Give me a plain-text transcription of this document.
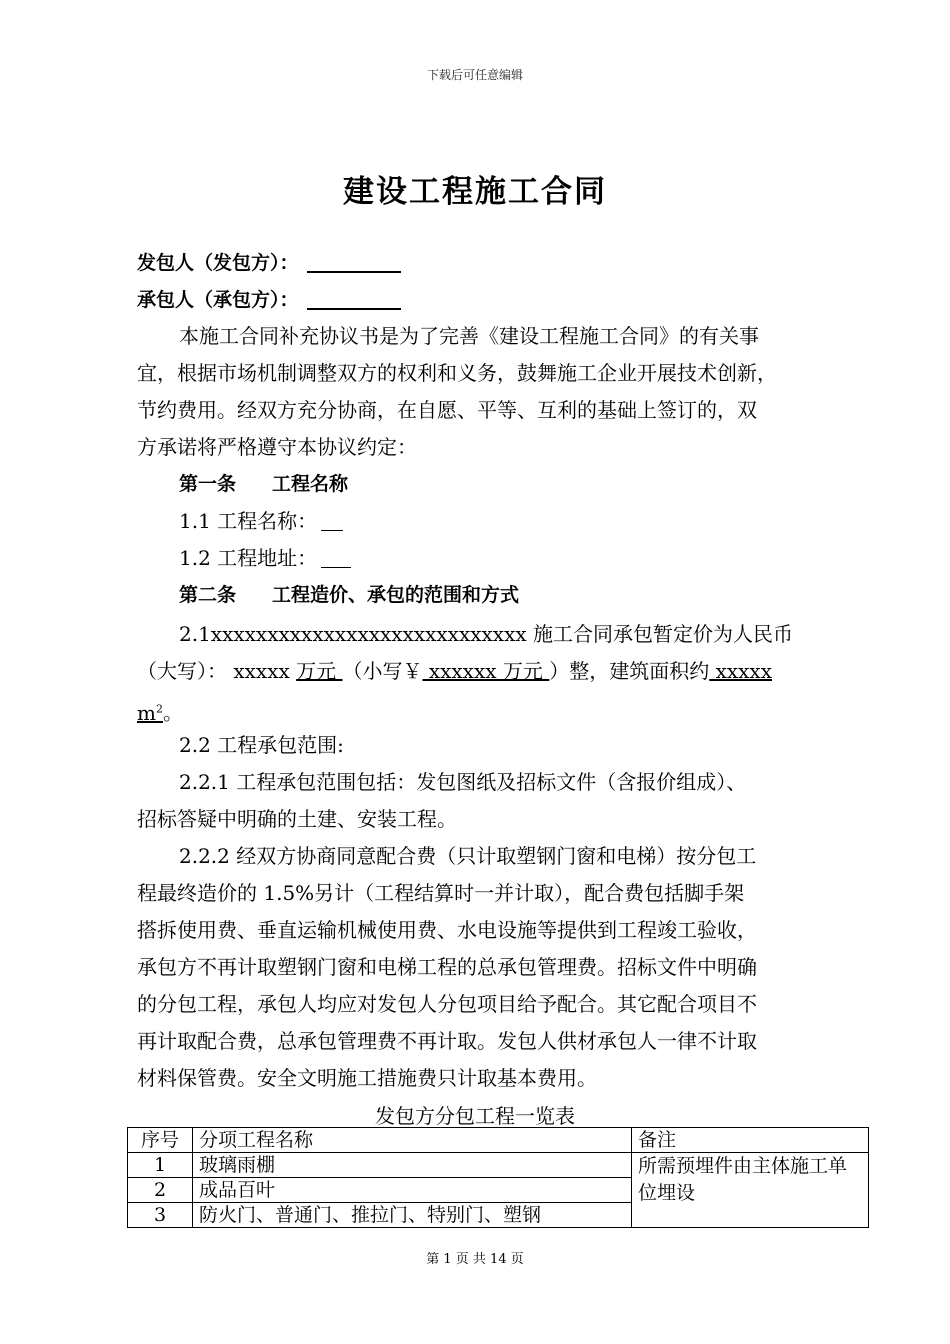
下载后可任意编辑
建设工程施工合同
发包人（发包方）：
承包人（承包方）：
本施工合同补充协议书是为了完善《建设工程施工合同》的有关事
宜，根据市场机制调整双方的权利和义务，鼓舞施工企业开展技术创新，
节约费用。经双方充分协商，在自愿、平等、互利的基础上签订的，双
方承诺将严格遵守本协议约定：
第一条 工程名称
1.1 工程名称：
1.2 工程地址：
第二条 工程造价、承包的范围和方式
2.1xxxxxxxxxxxxxxxxxxxxxxxxxxxx 施工合同承包暂定价为人民币
（大写）： xxxxx 万元 （小写￥ xxxxxx 万元 ）整，建筑面积约 xxxxx
$m^2$。
2.2 工程承包范围:
2.2.1 工程承包范围包括：发包图纸及招标文件（含报价组成）、
招标答疑中明确的土建、安装工程。
2.2.2 经双方协商同意配合费（只计取塑钢门窗和电梯）按分包工
程最终造价的 1.5%另计（工程结算时一并计取），配合费包括脚手架
搭拆使用费、垂直运输机械使用费、水电设施等提供到工程竣工验收，
承包方不再计取塑钢门窗和电梯工程的总承包管理费。招标文件中明确
的分包工程，承包人均应对发包人分包项目给予配合。其它配合项目不
再计取配合费，总承包管理费不再计取。发包人供材承包人一律不计取
材料保管费。安全文明施工措施费只计取基本费用。
发包方分包工程一览表
序号	分项工程名称	备注
1	玻璃雨棚	所需预埋件由主体施工单位埋设
2	成品百叶	
3	防火门、普通门、推拉门、特别门、塑钢	
第 1 页 共 14 页
